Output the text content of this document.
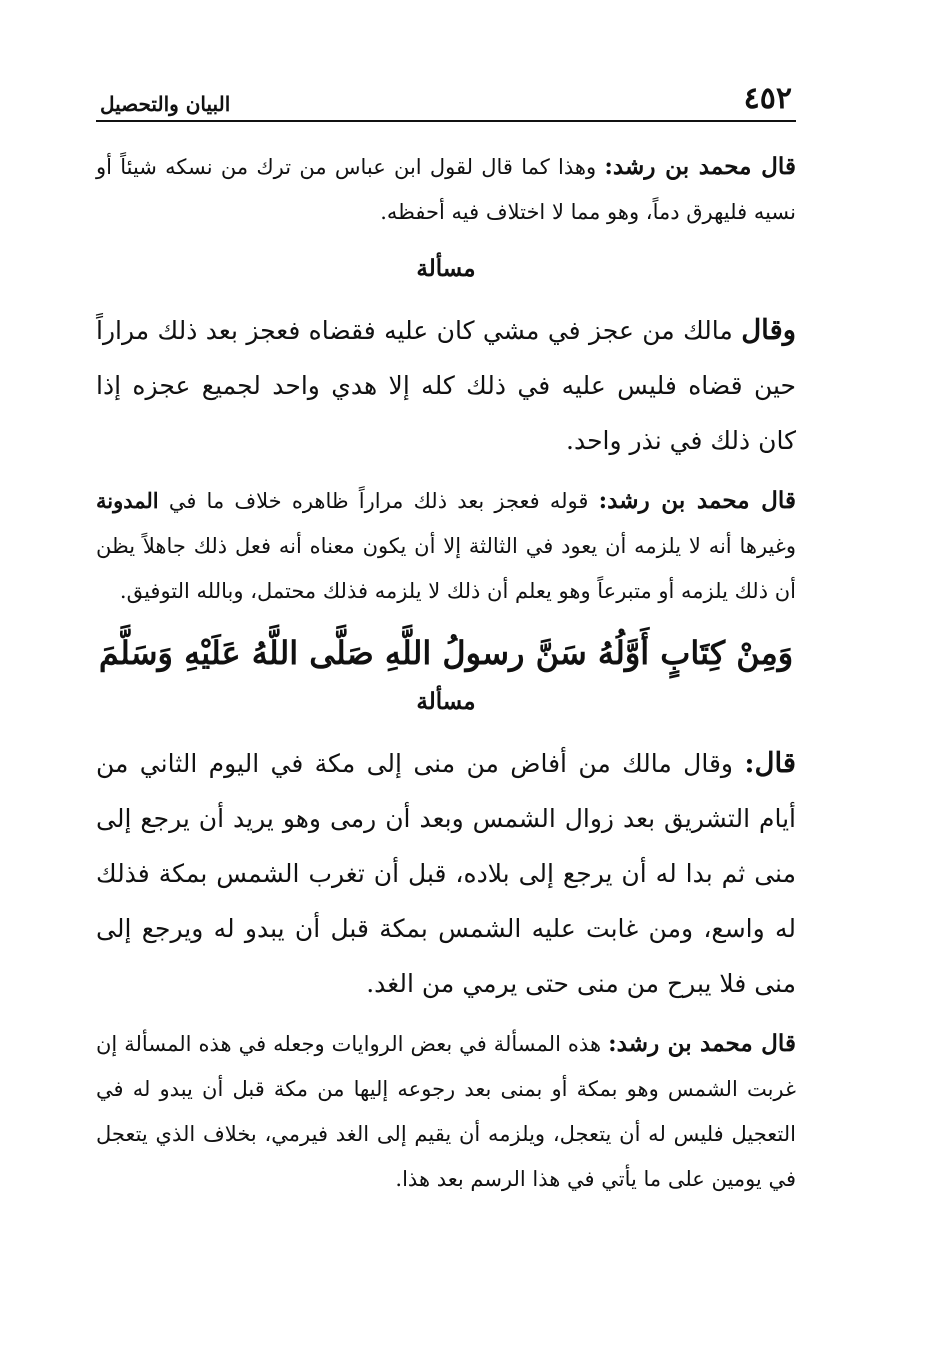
٤٥٢
البيان والتحصيل

قال محمد بن رشد: وهذا كما قال لقول ابن عباس من ترك من نسكه شيئاً أو نسيه فليهرق دماً، وهو مما لا اختلاف فيه أحفظه.

مسألة

وقال مالك من عجز في مشي كان عليه فقضاه فعجز بعد ذلك مراراً حين قضاه فليس عليه في ذلك كله إلا هدي واحد لجميع عجزه إذا كان ذلك في نذر واحد.

قال محمد بن رشد: قوله فعجز بعد ذلك مراراً ظاهره خلاف ما في المدونة وغيرها أنه لا يلزمه أن يعود في الثالثة إلا أن يكون معناه أنه فعل ذلك جاهلاً يظن أن ذلك يلزمه أو متبرعاً وهو يعلم أن ذلك لا يلزمه فذلك محتمل، وبالله التوفيق.

وَمِنْ كِتَابٍ أَوَّلُهُ سَنَّ رسولُ اللَّهِ صَلَّى اللَّهُ عَلَيْهِ وَسَلَّمَ
مسألة

قال: وقال مالك من أفاض من منى إلى مكة في اليوم الثاني من أيام التشريق بعد زوال الشمس وبعد أن رمى وهو يريد أن يرجع إلى منى ثم بدا له أن يرجع إلى بلاده، قبل أن تغرب الشمس بمكة فذلك له واسع، ومن غابت عليه الشمس بمكة قبل أن يبدو له ويرجع إلى منى فلا يبرح من منى حتى يرمي من الغد.

قال محمد بن رشد: هذه المسألة في بعض الروايات وجعله في هذه المسألة إن غربت الشمس وهو بمكة أو بمنى بعد رجوعه إليها من مكة قبل أن يبدو له في التعجيل فليس له أن يتعجل، ويلزمه أن يقيم إلى الغد فيرمي، بخلاف الذي يتعجل في يومين على ما يأتي في هذا الرسم بعد هذا.
